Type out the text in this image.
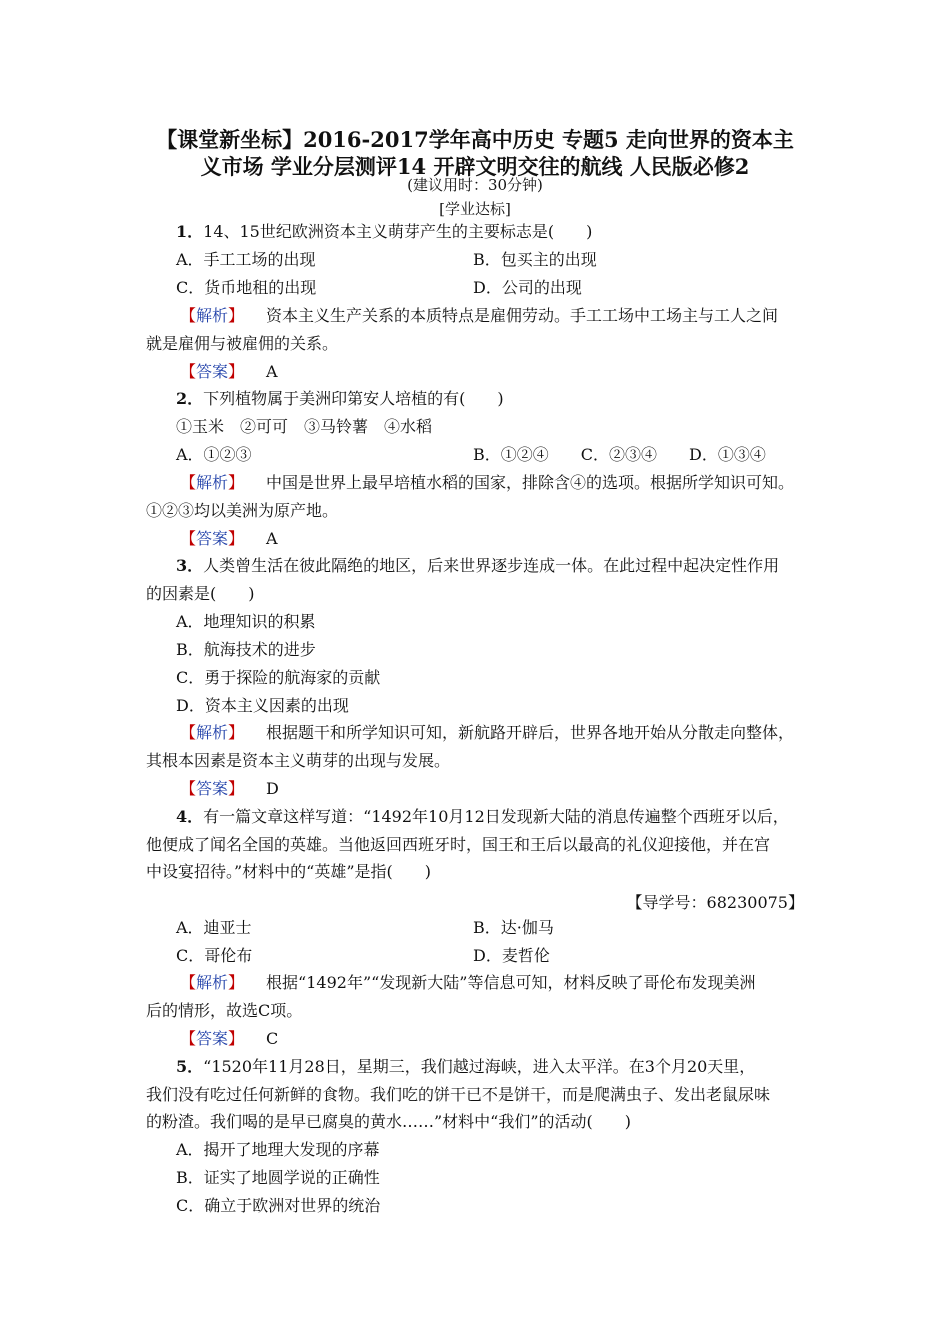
【课堂新坐标】2016-2017学年高中历史 专题5 走向世界的资本主
义市场 学业分层测评14 开辟文明交往的航线 人民版必修2
(建议用时：30分钟)
[学业达标]
1．14、15世纪欧洲资本主义萌芽产生的主要标志是(　　)
A．手工工场的出现	B．包买主的出现
C．货币地租的出现	D．公司的出现
【解析】 资本主义生产关系的本质特点是雇佣劳动。手工工场中工场主与工人之间
就是雇佣与被雇佣的关系。
【答案】 A
2．下列植物属于美洲印第安人培植的有(　　)
①玉米　②可可　③马铃薯　④水稻
A．①②③	B．①②④　　C．②③④　　D．①③④
【解析】 中国是世界上最早培植水稻的国家，排除含④的选项。根据所学知识可知。
①②③均以美洲为原产地。
【答案】 A
3．人类曾生活在彼此隔绝的地区，后来世界逐步连成一体。在此过程中起决定性作用
的因素是(　　)
A．地理知识的积累
B．航海技术的进步
C．勇于探险的航海家的贡献
D．资本主义因素的出现
【解析】 根据题干和所学知识可知，新航路开辟后，世界各地开始从分散走向整体，
其根本因素是资本主义萌芽的出现与发展。
【答案】 D
4．有一篇文章这样写道：“1492年10月12日发现新大陆的消息传遍整个西班牙以后，
他便成了闻名全国的英雄。当他返回西班牙时，国王和王后以最高的礼仪迎接他，并在宫
中设宴招待。”材料中的“英雄”是指(　　)
【导学号：68230075】
A．迪亚士	B．达·伽马
C．哥伦布	D．麦哲伦
【解析】 根据“1492年”“发现新大陆”等信息可知，材料反映了哥伦布发现美洲
后的情形，故选C项。
【答案】 C
5．“1520年11月28日，星期三，我们越过海峡，进入太平洋。在3个月20天里，
我们没有吃过任何新鲜的食物。我们吃的饼干已不是饼干，而是爬满虫子、发出老鼠尿味
的粉渣。我们喝的是早已腐臭的黄水……”材料中“我们”的活动(　　)
A．揭开了地理大发现的序幕
B．证实了地圆学说的正确性
C．确立于欧洲对世界的统治
